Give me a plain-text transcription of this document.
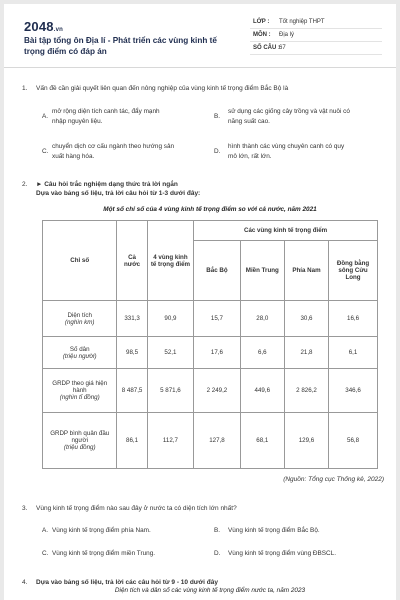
2048.vn
Bài tập tổng ôn Địa lí - Phát triển các vùng kinh tế trọng điểm có đáp án
LỚP : Tốt nghiệp THPT
MÔN : Địa lý
SỐ CÂU : 67
1. Vấn đề cần giải quyết liên quan đến nông nghiệp của vùng kinh tế trọng điểm Bắc Bộ là
A.
mở rộng diện tích canh tác, đẩy mạnh
nhập nguyên liệu.
B.
sử dụng các giống cây trồng và vật nuôi có
năng suất cao.
C.
chuyển dịch cơ cấu ngành theo hướng sản
xuất hàng hóa.
D.
hình thành các vùng chuyên canh có quy
mô lớn, rất lớn.
2. ► Câu hỏi trắc nghiệm dạng thức trả lời ngắn
Dựa vào bảng số liệu, trả lời câu hỏi từ 1-3 dưới đây:
Một số chỉ số của 4 vùng kinh tế trọng điểm so với cả nước, năm 2021
Chỉ số	Cả nước	4 vùng kinh tế trọng điểm	Các vùng kinh tế trọng điểm			
			Bắc Bộ	Miền Trung	Phía Nam	Đồng bằng sông Cửu Long

Diện tích
(nghìn km)	331,3	90,9	15,7	28,0	30,6	16,6

Số dân
(triệu người)	98,5	52,1	17,6	6,6	21,8	6,1

GRDP theo giá hiện hành
(nghìn tỉ đồng)	8 487,5	5 871,6	2 249,2	449,6	2 826,2	346,6

GRDP bình quân đầu người
(triệu đồng)	86,1	112,7	127,8	68,1	129,6	56,8
(Nguồn: Tổng cục Thống kê, 2022)
3. Vùng kinh tế trọng điểm nào sau đây ở nước ta có diện tích lớn nhất?
A. Vùng kinh tế trọng điểm phía Nam.	B. Vùng kinh tế trọng điểm Bắc Bộ.
C. Vùng kinh tế trọng điểm miền Trung.	D. Vùng kinh tế trọng điểm vùng ĐBSCL.
4. Dựa vào bảng số liệu, trả lời các câu hỏi từ 9 - 10 dưới đây
Diện tích và dân số các vùng kinh tế trọng điểm nước ta, năm 2023
